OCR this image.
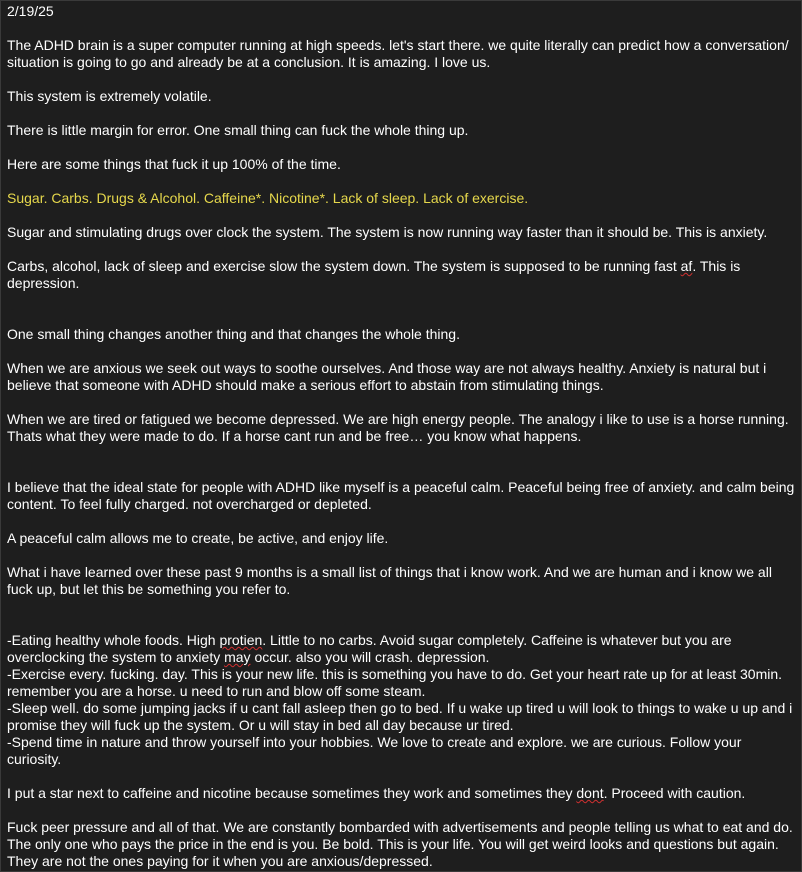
2/19/25

The ADHD brain is a super computer running at high speeds. let's start there. we quite literally can predict how a conversation/ situation is going to go and already be at a conclusion. It is amazing. I love us.

This system is extremely volatile.

There is little margin for error. One small thing can fuck the whole thing up.

Here are some things that fuck it up 100% of the time.

Sugar. Carbs. Drugs & Alcohol. Caffeine*. Nicotine*. Lack of sleep. Lack of exercise.

Sugar and stimulating drugs over clock the system. The system is now running way faster than it should be. This is anxiety.

Carbs, alcohol, lack of sleep and exercise slow the system down. The system is supposed to be running fast af. This is

depression.

One small thing changes another thing and that changes the whole thing.

When we are anxious we seek out ways to soothe ourselves. And those way are not always healthy. Anxiety is natural but i

believe that someone with ADHD should make a serious effort to abstain from stimulating things.

When we are tired or fatigued we become depressed. We are high energy people. The analogy i like to use is a horse running.

Thats what they were made to do. If a horse cant run and be free… you know what happens.

I believe that the ideal state for people with ADHD like myself is a peaceful calm. Peaceful being free of anxiety. and calm being

content. To feel fully charged. not overcharged or depleted.

A peaceful calm allows me to create, be active, and enjoy life.

What i have learned over these past 9 months is a small list of things that i know work. And we are human and i know we all

fuck up, but let this be something you refer to.

-Eating healthy whole foods. High protien. Little to no carbs. Avoid sugar completely. Caffeine is whatever but you are

overclocking the system to anxiety may occur. also you will crash. depression.

-Exercise every. fucking. day. This is your new life. this is something you have to do. Get your heart rate up for at least 30min.

remember you are a horse. u need to run and blow off some steam.

-Sleep well. do some jumping jacks if u cant fall asleep then go to bed. If u wake up tired u will look to things to wake u up and i

promise they will fuck up the system. Or u will stay in bed all day because ur tired.

-Spend time in nature and throw yourself into your hobbies. We love to create and explore. we are curious. Follow your

curiosity.

I put a star next to caffeine and nicotine because sometimes they work and sometimes they dont. Proceed with caution.

Fuck peer pressure and all of that. We are constantly bombarded with advertisements and people telling us what to eat and do.

The only one who pays the price in the end is you. Be bold. This is your life. You will get weird looks and questions but again.

They are not the ones paying for it when you are anxious/depressed.
